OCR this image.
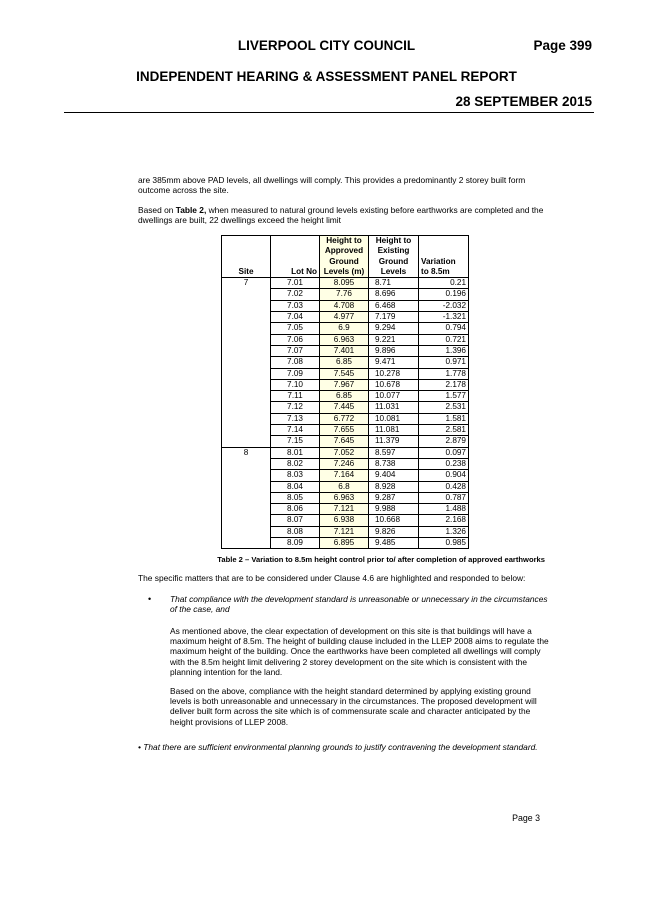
LIVERPOOL CITY COUNCIL	Page 399
INDEPENDENT HEARING & ASSESSMENT PANEL REPORT
28 SEPTEMBER 2015
are 385mm above PAD levels, all dwellings will comply. This provides a predominantly 2 storey built form outcome across the site.
Based on Table 2, when measured to natural ground levels existing before earthworks are completed and the dwellings are built, 22 dwellings exceed the height limit
Site	Lot No	Height to
Approved
Ground
Levels (m)	Height to
Existing
Ground
Levels	Variation
to 8.5m
7	7.01	8.095	8.71	0.21
	7.02	7.76	8.696	0.196
	7.03	4.708	6.468	-2.032
	7.04	4.977	7.179	-1.321
	7.05	6.9	9.294	0.794
	7.06	6.963	9.221	0.721
	7.07	7.401	9.896	1.396
	7.08	6.85	9.471	0.971
	7.09	7.545	10.278	1.778
	7.10	7.967	10.678	2.178
	7.11	6.85	10.077	1.577
	7.12	7.445	11.031	2.531
	7.13	6.772	10.081	1.581
	7.14	7.655	11.081	2.581
	7.15	7.645	11.379	2.879
8	8.01	7.052	8.597	0.097
	8.02	7.246	8.738	0.238
	8.03	7.164	9.404	0.904
	8.04	6.8	8.928	0.428
	8.05	6.963	9.287	0.787
	8.06	7.121	9.988	1.488
	8.07	6.938	10.668	2.168
	8.08	7.121	9.826	1.326
	8.09	6.895	9.485	0.985
Table 2 – Variation to 8.5m height control prior to/ after completion of approved earthworks
The specific matters that are to be considered under Clause 4.6 are highlighted and responded to below:
• That compliance with the development standard is unreasonable or unnecessary in the circumstances of the case, and
As mentioned above, the clear expectation of development on this site is that buildings will have a maximum height of 8.5m. The height of building clause included in the LLEP 2008 aims to regulate the maximum height of the building. Once the earthworks have been completed all dwellings will comply with the 8.5m height limit delivering 2 storey development on the site which is consistent with the planning intention for the land.
Based on the above, compliance with the height standard determined by applying existing ground levels is both unreasonable and unnecessary in the circumstances. The proposed development will deliver built form across the site which is of commensurate scale and character anticipated by the height provisions of LLEP 2008.
• That there are sufficient environmental planning grounds to justify contravening the development standard.
Page 3
